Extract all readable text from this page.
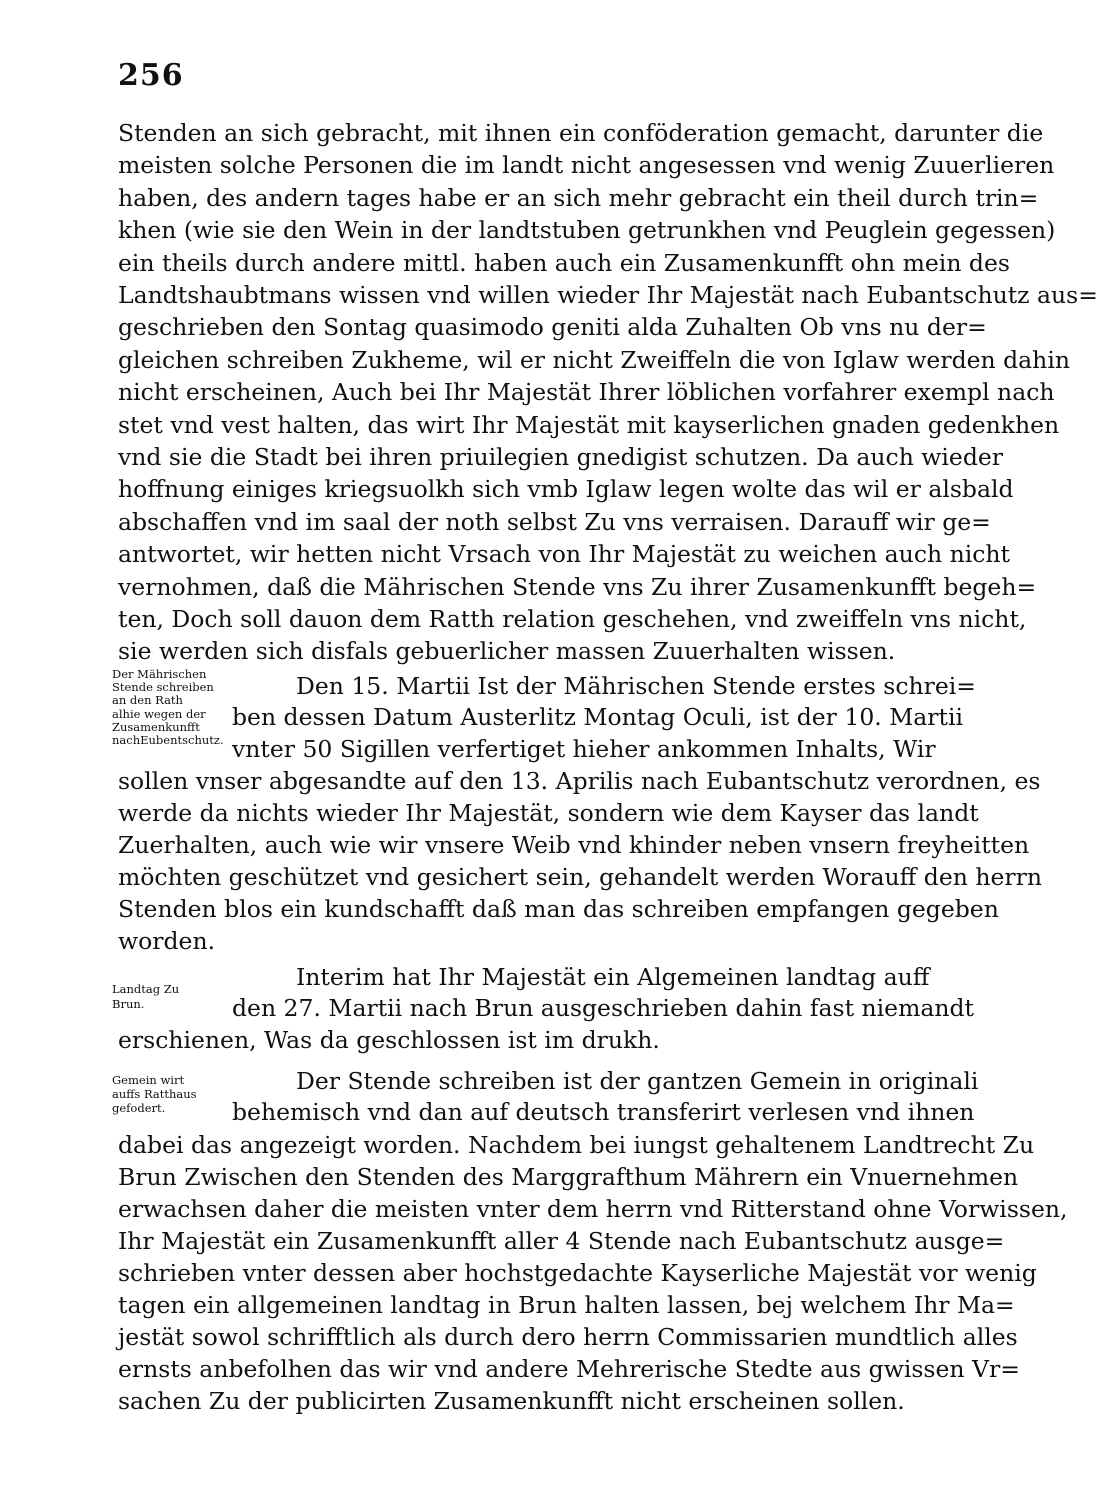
256
Stenden an sich gebracht, mit ihnen ein conföderation gemacht, darunter die
meisten solche Personen die im landt nicht angesessen vnd wenig Zuuerlieren
haben, des andern tages habe er an sich mehr gebracht ein theil durch trin=
khen (wie sie den Wein in der landtstuben getrunkhen vnd Peuglein gegessen)
ein theils durch andere mittl. haben auch ein Zusamenkunfft ohn mein des
Landtshaubtmans wissen vnd willen wieder Ihr Majestät nach Eubantschutz aus=
geschrieben den Sontag quasimodo geniti alda Zuhalten Ob vns nu der=
gleichen schreiben Zukheme, wil er nicht Zweiffeln die von Iglaw werden dahin
nicht erscheinen, Auch bei Ihr Majestät Ihrer löblichen vorfahrer exempl nach
stet vnd vest halten, das wirt Ihr Majestät mit kayserlichen gnaden gedenkhen
vnd sie die Stadt bei ihren priuilegien gnedigist schutzen. Da auch wieder
hoffnung einiges kriegsuolkh sich vmb Iglaw legen wolte das wil er alsbald
abschaffen vnd im saal der noth selbst Zu vns verraisen. Darauff wir ge=
antwortet, wir hetten nicht Vrsach von Ihr Majestät zu weichen auch nicht
vernohmen, daß die Mährischen Stende vns Zu ihrer Zusamenkunfft begeh=
ten, Doch soll dauon dem Ratth relation geschehen, vnd zweiffeln vns nicht,
sie werden sich disfals gebuerlicher massen Zuuerhalten wissen.
Den 15. Martii Ist der Mährischen Stende erstes schrei=
ben dessen Datum Austerlitz Montag Oculi, ist der 10. Martii
vnter 50 Sigillen verfertiget hieher ankommen Inhalts, Wir
sollen vnser abgesandte auf den 13. Aprilis nach Eubantschutz verordnen, es
werde da nichts wieder Ihr Majestät, sondern wie dem Kayser das landt
Zuerhalten, auch wie wir vnsere Weib vnd khinder neben vnsern freyheitten
möchten geschützet vnd gesichert sein, gehandelt werden Worauff den herrn
Stenden blos ein kundschafft daß man das schreiben empfangen gegeben
worden.
Interim hat Ihr Majestät ein Algemeinen landtag auff
den 27. Martii nach Brun ausgeschrieben dahin fast niemandt
erschienen, Was da geschlossen ist im drukh.
Der Stende schreiben ist der gantzen Gemein in originali
behemisch vnd dan auf deutsch transferirt verlesen vnd ihnen
dabei das angezeigt worden. Nachdem bei iungst gehaltenem Landtrecht Zu
Brun Zwischen den Stenden des Marggrafthum Mährern ein Vnuernehmen
erwachsen daher die meisten vnter dem herrn vnd Ritterstand ohne Vorwissen,
Ihr Majestät ein Zusamenkunfft aller 4 Stende nach Eubantschutz ausge=
schrieben vnter dessen aber hochstgedachte Kayserliche Majestät vor wenig
tagen ein allgemeinen landtag in Brun halten lassen, bej welchem Ihr Ma=
jestät sowol schrifftlich als durch dero herrn Commissarien mundtlich alles
ernsts anbefolhen das wir vnd andere Mehrerische Stedte aus gwissen Vr=
sachen Zu der publicirten Zusamenkunfft nicht erscheinen sollen.
Der Mährischen
Stende schreiben
an den Rath
alhie wegen der
Zusamenkunfft
nachEubentschutz.
Landtag Zu
Brun.
Gemein wirt
auffs Ratthaus
gefodert.
